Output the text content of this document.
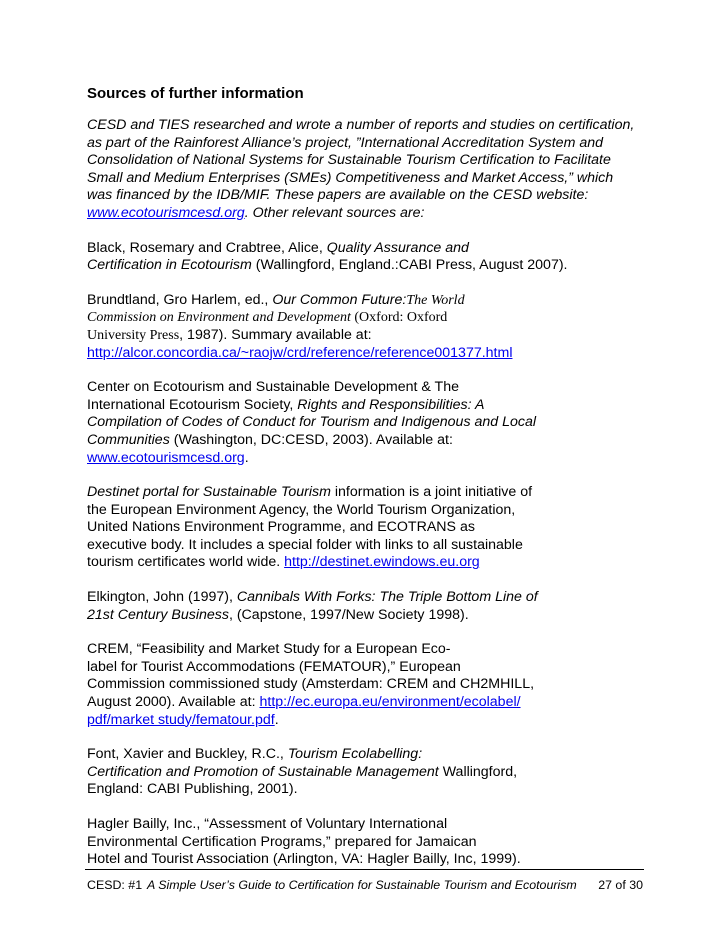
Sources of further information

CESD and TIES researched and wrote a number of reports and studies on certification,
as part of the Rainforest Alliance’s project, ”International Accreditation System and
Consolidation of National Systems for Sustainable Tourism Certification to Facilitate
Small and Medium Enterprises (SMEs) Competitiveness and Market Access,” which
was financed by the IDB/MIF. These papers are available on the CESD website:
www.ecotourismcesd.org. Other relevant sources are:

Black, Rosemary and Crabtree, Alice, Quality Assurance and
Certification in Ecotourism (Wallingford, England.:CABI Press, August 2007).

Brundtland, Gro Harlem, ed., Our Common Future:The World
Commission on Environment and Development (Oxford: Oxford
University Press, 1987). Summary available at:
http://alcor.concordia.ca/~raojw/crd/reference/reference001377.html

Center on Ecotourism and Sustainable Development & The
International Ecotourism Society, Rights and Responsibilities: A
Compilation of Codes of Conduct for Tourism and Indigenous and Local
Communities (Washington, DC:CESD, 2003). Available at:
www.ecotourismcesd.org.

Destinet portal for Sustainable Tourism information is a joint initiative of
the European Environment Agency, the World Tourism Organization,
United Nations Environment Programme, and ECOTRANS as
executive body. It includes a special folder with links to all sustainable
tourism certificates world wide. http://destinet.ewindows.eu.org

Elkington, John (1997), Cannibals With Forks: The Triple Bottom Line of
21st Century Business, (Capstone, 1997/New Society 1998).

CREM, “Feasibility and Market Study for a European Eco-
label for Tourist Accommodations (FEMATOUR),” European
Commission commissioned study (Amsterdam: CREM and CH2MHILL,
August 2000). Available at: http://ec.europa.eu/environment/ecolabel/
pdf/market study/fematour.pdf.

Font, Xavier and Buckley, R.C., Tourism Ecolabelling:
Certification and Promotion of Sustainable Management Wallingford,
England: CABI Publishing, 2001).

Hagler Bailly, Inc., “Assessment of Voluntary International
Environmental Certification Programs,” prepared for Jamaican
Hotel and Tourist Association (Arlington, VA: Hagler Bailly, Inc, 1999).

CESD: #1 A Simple User’s Guide to Certification for Sustainable Tourism and Ecotourism 27 of 30
